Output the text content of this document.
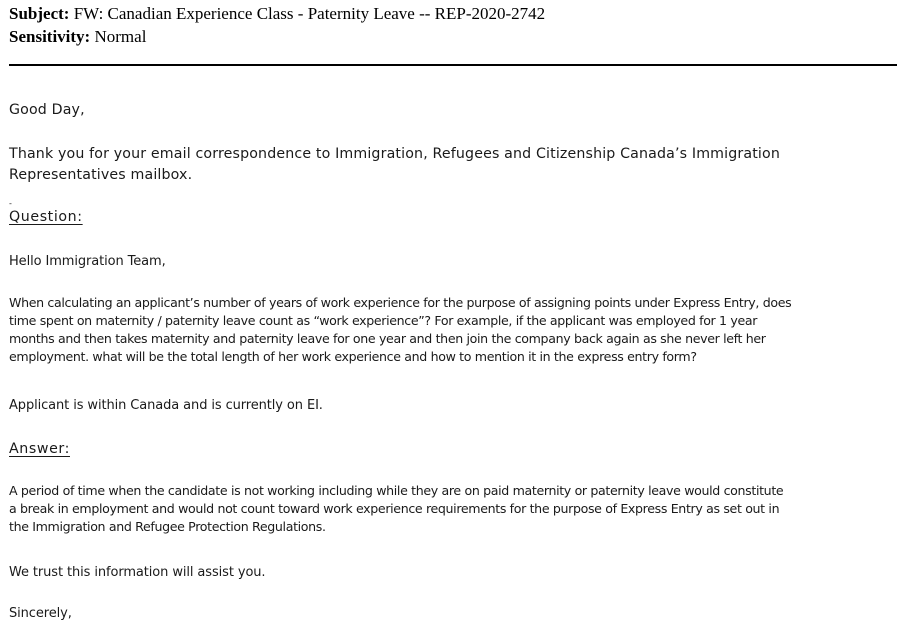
Subject: FW: Canadian Experience Class - Paternity Leave -- REP-2020-2742
Sensitivity: Normal
Good Day,
Thank you for your email correspondence to Immigration, Refugees and Citizenship Canada’s Immigration
Representatives mailbox.
-
Question:
Hello Immigration Team,
When calculating an applicant’s number of years of work experience for the purpose of assigning points under Express Entry, does
time spent on maternity / paternity leave count as “work experience”? For example, if the applicant was employed for 1 year
months and then takes maternity and paternity leave for one year and then join the company back again as she never left her
employment. what will be the total length of her work experience and how to mention it in the express entry form?
Applicant is within Canada and is currently on EI.
Answer:
A period of time when the candidate is not working including while they are on paid maternity or paternity leave would constitute
a break in employment and would not count toward work experience requirements for the purpose of Express Entry as set out in
the Immigration and Refugee Protection Regulations.
We trust this information will assist you.
Sincerely,
